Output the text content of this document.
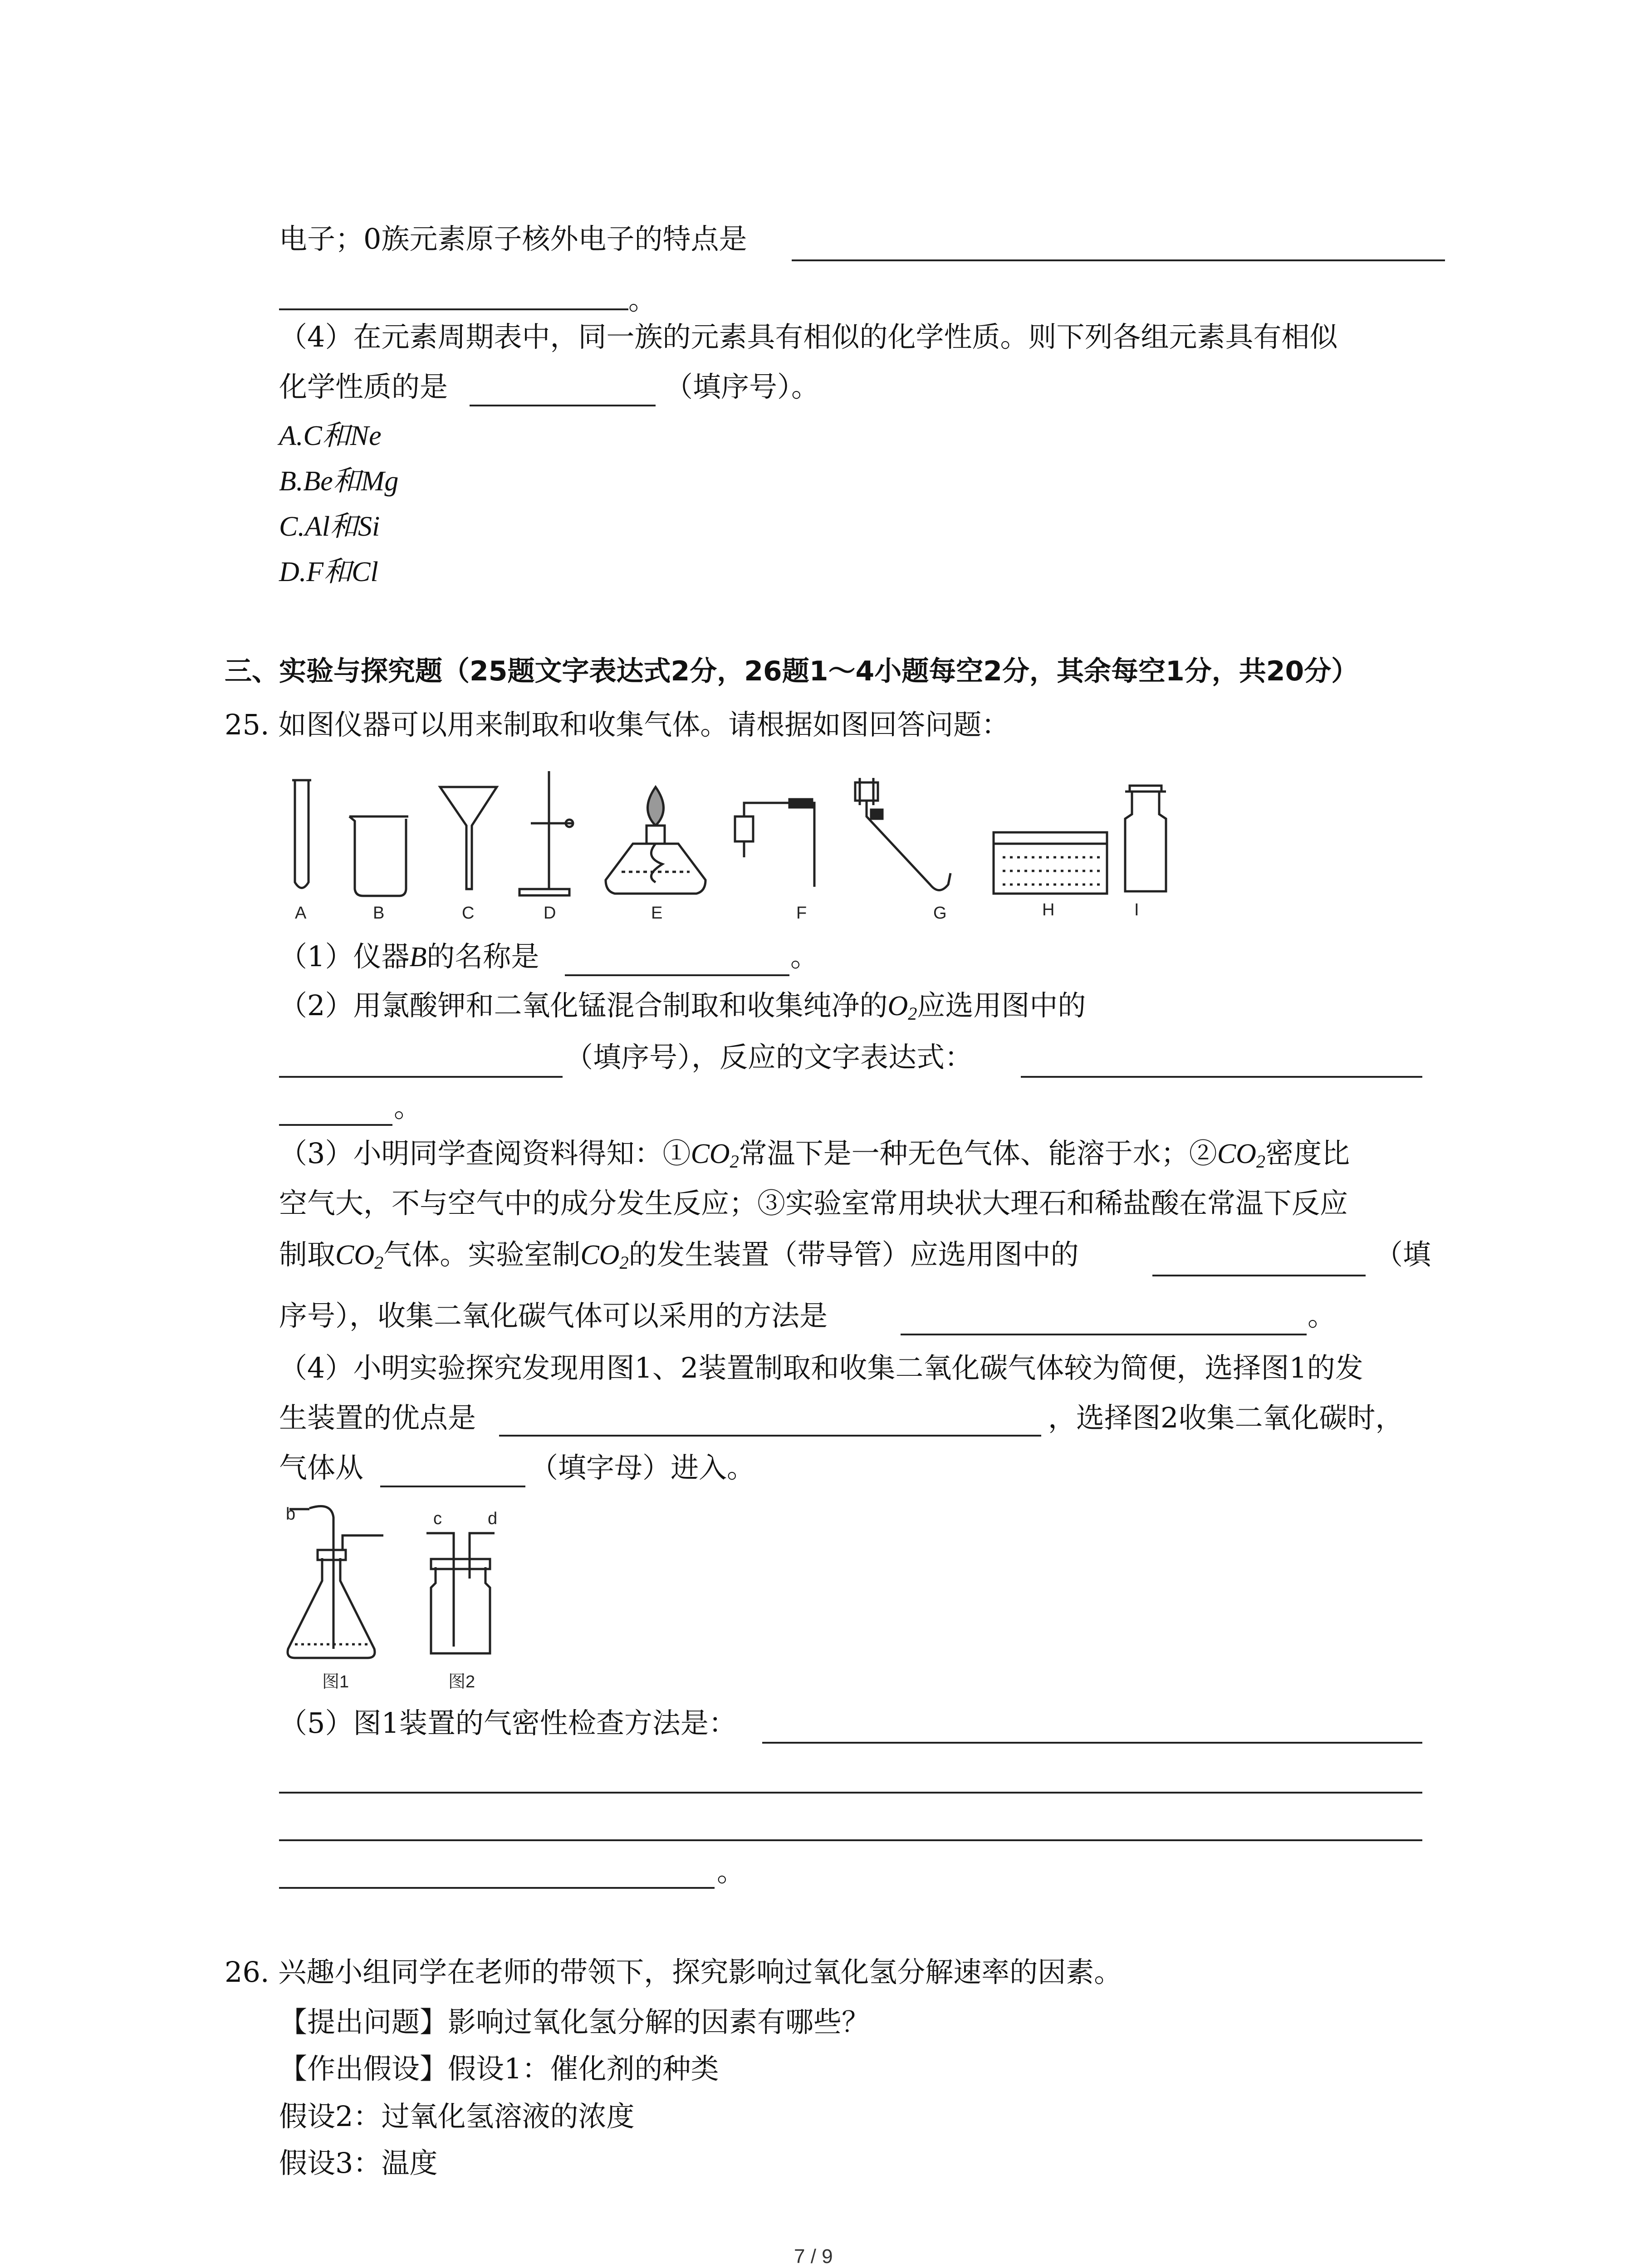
电子；0族元素原子核外电子的特点是
。
（4）在元素周期表中，同一族的元素具有相似的化学性质。则下列各组元素具有相似
化学性质的是	（填序号）。
A.C和Ne
B.Be和Mg
C.Al和Si
D.F和Cl
三、实验与探究题（25题文字表达式2分，26题1～4小题每空2分，其余每空1分，共20分）
25. 如图仪器可以用来制取和收集气体。请根据如图回答问题：
A	B	C	D	E	F	G	H	I
（1）仪器B的名称是	。
（2）用氯酸钾和二氧化锰混合制取和收集纯净的$O_2$应选用图中的
（填序号），反应的文字表达式：
。
（3）小明同学查阅资料得知：$①CO_2$常温下是一种无色气体、能溶于水；$②CO_2$密度比
空气大，不与空气中的成分发生反应；③实验室常用块状大理石和稀盐酸在常温下反应
制取$CO_2$气体。实验室制$CO_2$的发生装置（带导管）应选用图中的	（填
序号），收集二氧化碳气体可以采用的方法是	。
（4）小明实验探究发现用图1、2装置制取和收集二氧化碳气体较为简便，选择图1的发
生装置的优点是	，选择图2收集二氧化碳时，
气体从	（填字母）进入。
b	c	d
图1	图2
（5）图1装置的气密性检查方法是：
。
26. 兴趣小组同学在老师的带领下，探究影响过氧化氢分解速率的因素。
【提出问题】影响过氧化氢分解的因素有哪些？
【作出假设】假设1：催化剂的种类
假设2：过氧化氢溶液的浓度
假设3：温度
7 / 9
